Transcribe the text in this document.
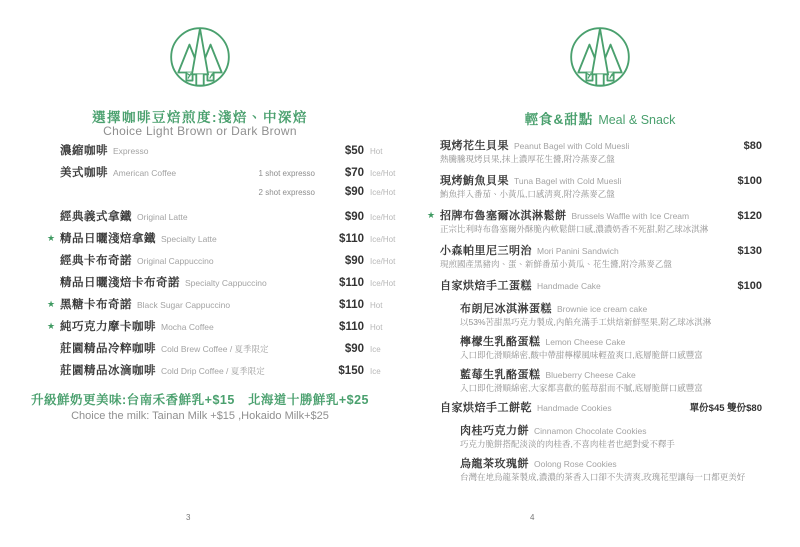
選擇咖啡豆焙煎度:淺焙、中深焙
Choice Light Brown or Dark Brown
濃縮咖啡 Expresso	$50 Hot
美式咖啡 American Coffee	1 shot expresso	$70 Ice/Hot
2 shot expresso	$90 Ice/Hot
經典義式拿鐵 Original Latte	$90 Ice/Hot
★ 精品日曬淺焙拿鐵 Specialty Latte	$110 Ice/Hot
經典卡布奇諾 Original Cappuccino	$90 Ice/Hot
精品日曬淺焙卡布奇諾 Specialty Cappuccino	$110 Ice/Hot
★ 黑糖卡布奇諾 Black Sugar Cappuccino	$110 Hot
★ 純巧克力摩卡咖啡 Mocha Coffee	$110 Hot
莊園精品冷粹咖啡 Cold Brew Coffee / 夏季限定	$90 Ice
莊園精品冰滴咖啡 Cold Drip Coffee / 夏季限定	$150 Ice
升級鮮奶更美味:台南禾香鮮乳+$15　北海道十勝鮮乳+$25
Choice the milk: Tainan Milk +$15 ,Hokaido Milk+$25
輕食&甜點 Meal & Snack
現烤花生貝果 Peanut Bagel with Cold Muesli	$80
熱騰騰現烤貝果,抹上濃厚花生醬,附冷燕麥乙盤
現烤鮪魚貝果 Tuna Bagel with Cold Muesli	$100
鮪魚拌入番茄、小黃瓜,口感清爽,附冷燕麥乙盤
★ 招牌布魯塞爾冰淇淋鬆餅 Brussels Waffle with Ice Cream	$120
正宗比利時布魯塞爾外酥脆內軟鬆餅口感,濃濃奶香不死甜,附乙球冰淇淋
小森帕里尼三明治 Mori Panini Sandwich	$130
現煎國產黑豬肉、蛋、新鮮番茄小黃瓜、花生醬,附冷燕麥乙盤
自家烘焙手工蛋糕 Handmade Cake	$100
布朗尼冰淇淋蛋糕 Brownie ice cream cake
以53%苦甜黑巧克力製成,內餡充滿手工烘焙新鮮堅果,附乙球冰淇淋
檸檬生乳酪蛋糕 Lemon Cheese Cake
入口即化滑順綿密,酸中帶甜檸檬風味輕盈爽口,底層脆餅口感豐富
藍莓生乳酪蛋糕 Blueberry Cheese Cake
入口即化滑順綿密,大家都喜歡的藍莓甜而不膩,底層脆餅口感豐富
自家烘焙手工餅乾 Handmade Cookies	單份$45 雙份$80
肉桂巧克力餅 Cinnamon Chocolate Cookies
巧克力脆餅搭配淡淡的肉桂香,不喜肉桂者也絕對愛不釋手
烏龍茶玫瑰餅 Oolong Rose Cookies
台灣在地烏龍茶製成,濃濃的茶香入口卻不失清爽,玫瑰花型讓每一口都更美好
3	4
